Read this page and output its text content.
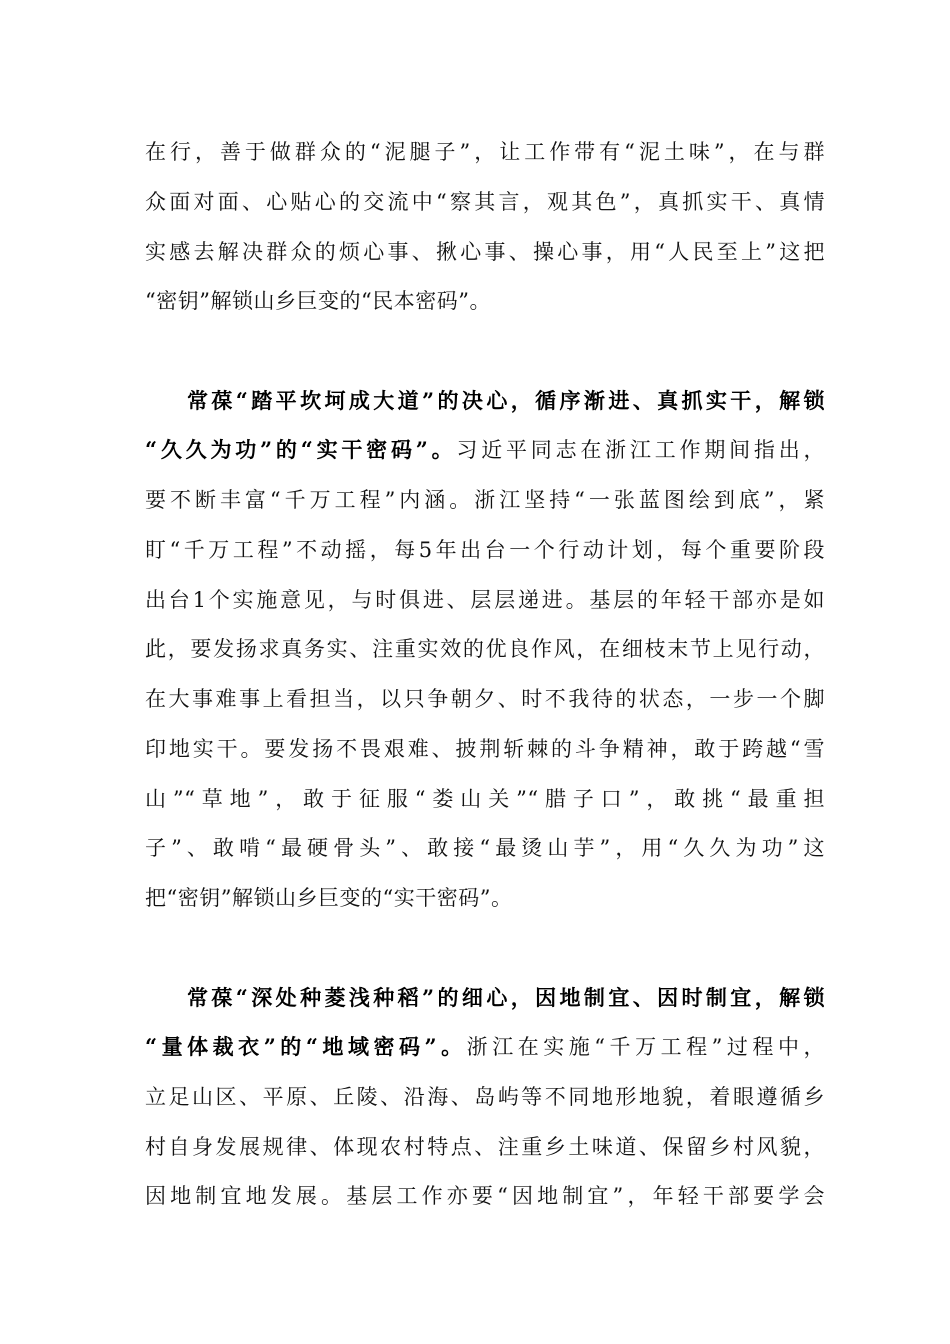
在行，善于做群众的“泥腿子”，让工作带有“泥土味”，在与群
众面对面、心贴心的交流中“察其言，观其色”，真抓实干、真情
实感去解决群众的烦心事、揪心事、操心事，用“人民至上”这把
“密钥”解锁山乡巨变的“民本密码”。
常葆“踏平坎坷成大道”的决心，循序渐进、真抓实干，解锁
“久久为功”的“实干密码”。习近平同志在浙江工作期间指出，
要不断丰富“千万工程”内涵。浙江坚持“一张蓝图绘到底”，紧
盯“千万工程”不动摇，每5年出台一个行动计划，每个重要阶段
出台1个实施意见，与时俱进、层层递进。基层的年轻干部亦是如
此，要发扬求真务实、注重实效的优良作风，在细枝末节上见行动，
在大事难事上看担当，以只争朝夕、时不我待的状态，一步一个脚
印地实干。要发扬不畏艰难、披荆斩棘的斗争精神，敢于跨越“雪
山”“草地”，敢于征服“娄山关”“腊子口”，敢挑“最重担
子”、敢啃“最硬骨头”、敢接“最烫山芋”，用“久久为功”这
把“密钥”解锁山乡巨变的“实干密码”。
常葆“深处种菱浅种稻”的细心，因地制宜、因时制宜，解锁
“量体裁衣”的“地域密码”。浙江在实施“千万工程”过程中，
立足山区、平原、丘陵、沿海、岛屿等不同地形地貌，着眼遵循乡
村自身发展规律、体现农村特点、注重乡土味道、保留乡村风貌，
因地制宜地发展。基层工作亦要“因地制宜”，年轻干部要学会
